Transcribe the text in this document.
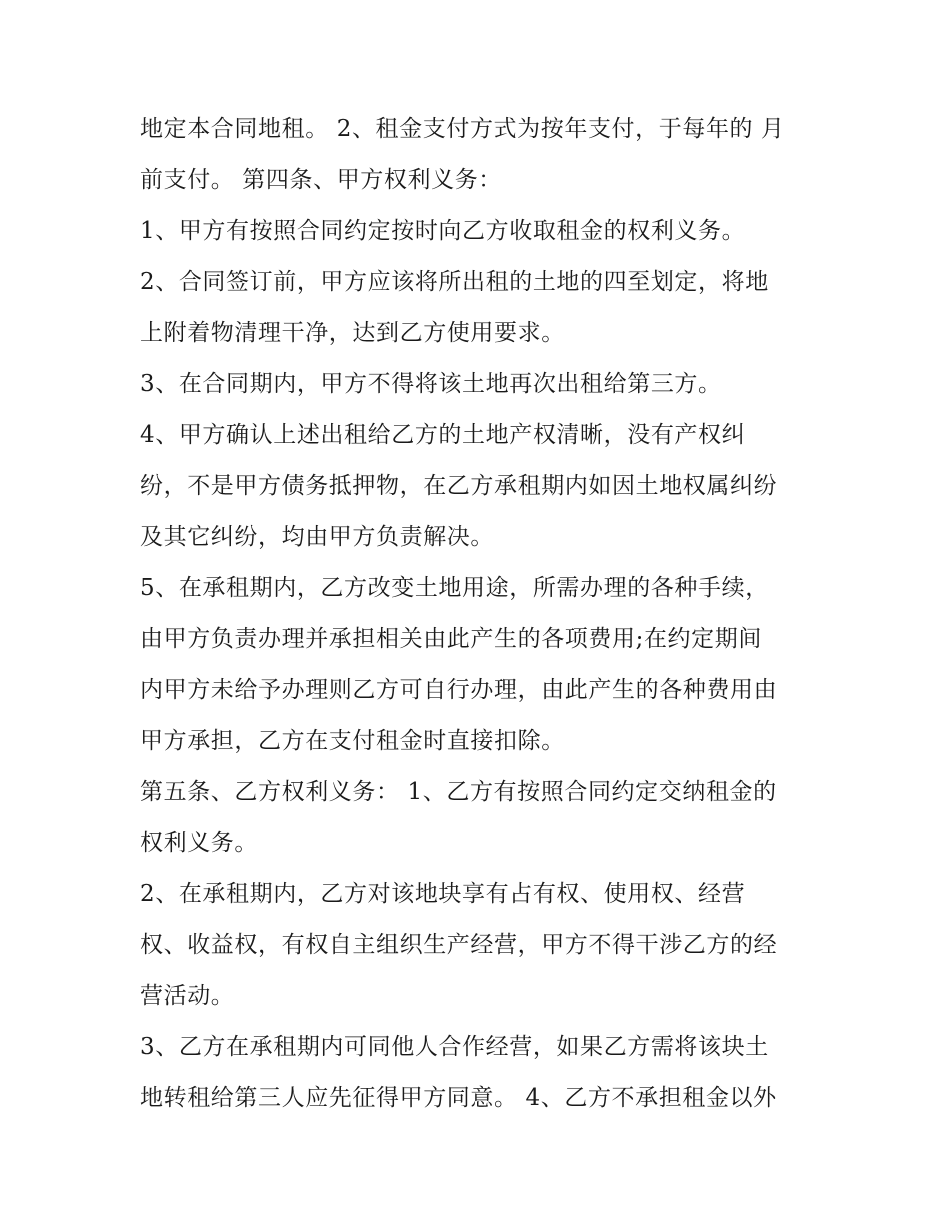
地定本合同地租。 2、租金支付方式为按年支付，于每年的 月
前支付。 第四条、甲方权利义务：
1、甲方有按照合同约定按时向乙方收取租金的权利义务。
2、合同签订前，甲方应该将所出租的土地的四至划定，将地
上附着物清理干净，达到乙方使用要求。
3、在合同期内，甲方不得将该土地再次出租给第三方。
4、甲方确认上述出租给乙方的土地产权清晰，没有产权纠
纷，不是甲方债务抵押物，在乙方承租期内如因土地权属纠纷
及其它纠纷，均由甲方负责解决。
5、在承租期内，乙方改变土地用途，所需办理的各种手续，
由甲方负责办理并承担相关由此产生的各项费用;在约定期间
内甲方未给予办理则乙方可自行办理，由此产生的各种费用由
甲方承担，乙方在支付租金时直接扣除。
第五条、乙方权利义务： 1、乙方有按照合同约定交纳租金的
权利义务。
2、在承租期内，乙方对该地块享有占有权、使用权、经营
权、收益权，有权自主组织生产经营，甲方不得干涉乙方的经
营活动。
3、乙方在承租期内可同他人合作经营，如果乙方需将该块土
地转租给第三人应先征得甲方同意。 4、乙方不承担租金以外
